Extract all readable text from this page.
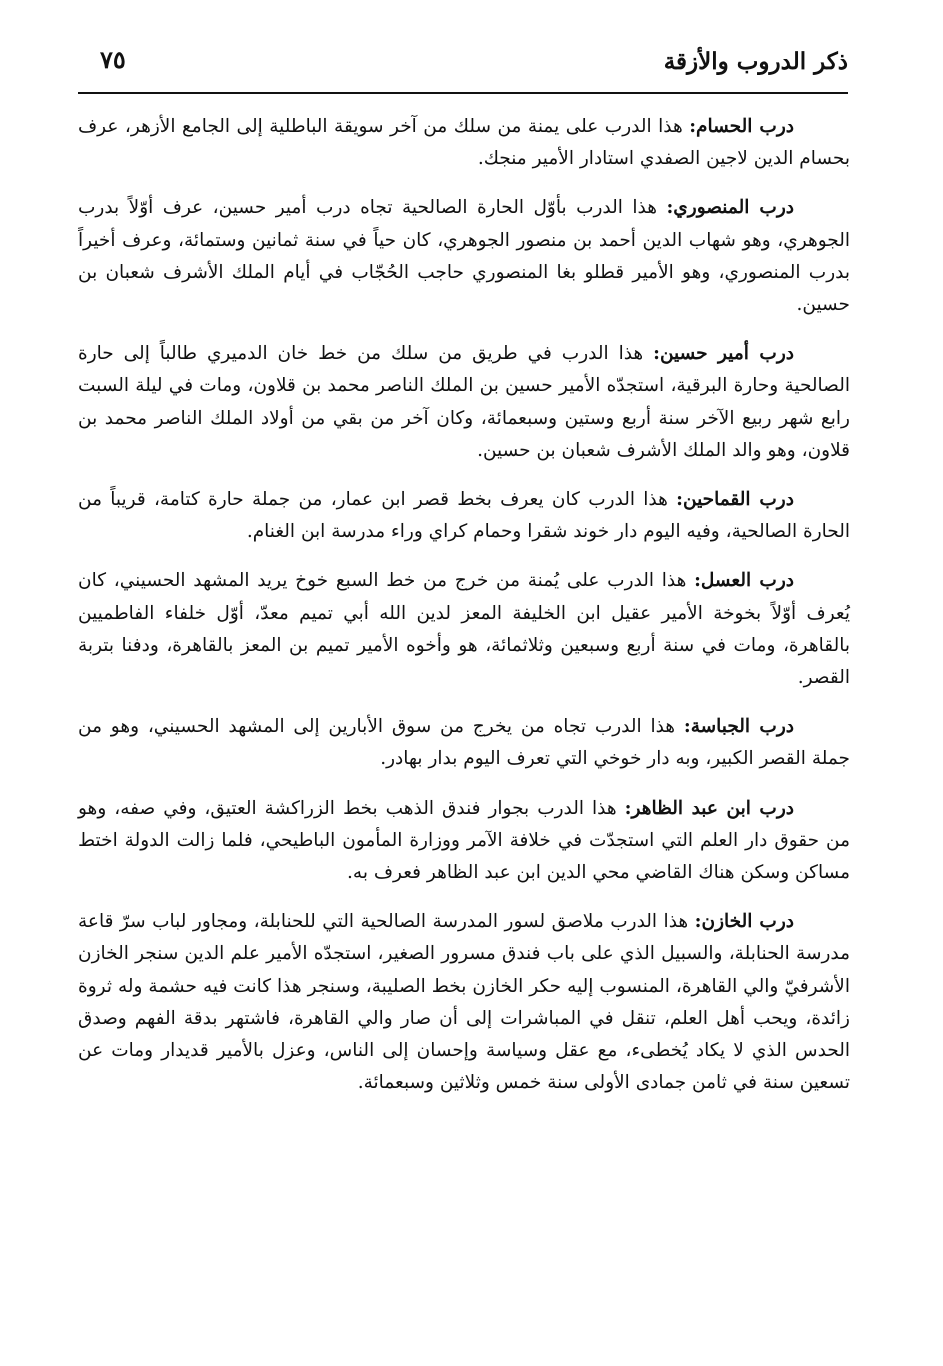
٧٥	ذكر الدروب والأزقة

درب الحسام: هذا الدرب على يمنة من سلك من آخر سويقة الباطلية إلى الجامع الأزهر، عرف بحسام الدين لاجين الصفدي استادار الأمير منجك.

درب المنصوري: هذا الدرب بأوّل الحارة الصالحية تجاه درب أمير حسين، عرف أوّلاً بدرب الجوهري، وهو شهاب الدين أحمد بن منصور الجوهري، كان حياً في سنة ثمانين وستمائة، وعرف أخيراً بدرب المنصوري، وهو الأمير قطلو بغا المنصوري حاجب الحُجّاب في أيام الملك الأشرف شعبان بن حسين.

درب أمير حسين: هذا الدرب في طريق من سلك من خط خان الدميري طالباً إلى حارة الصالحية وحارة البرقية، استجدّه الأمير حسين بن الملك الناصر محمد بن قلاون، ومات في ليلة السبت رابع شهر ربيع الآخر سنة أربع وستين وسبعمائة، وكان آخر من بقي من أولاد الملك الناصر محمد بن قلاون، وهو والد الملك الأشرف شعبان بن حسين.

درب القماحين: هذا الدرب كان يعرف بخط قصر ابن عمار، من جملة حارة كتامة، قريباً من الحارة الصالحية، وفيه اليوم دار خوند شقرا وحمام كراي وراء مدرسة ابن الغنام.

درب العسل: هذا الدرب على يُمنة من خرج من خط السبع خوخ يريد المشهد الحسيني، كان يُعرف أوّلاً بخوخة الأمير عقيل ابن الخليفة المعز لدين الله أبي تميم معدّ، أوّل خلفاء الفاطميين بالقاهرة، ومات في سنة أربع وسبعين وثلاثمائة، هو وأخوه الأمير تميم بن المعز بالقاهرة، ودفنا بتربة القصر.

درب الجباسة: هذا الدرب تجاه من يخرج من سوق الأبارين إلى المشهد الحسيني، وهو من جملة القصر الكبير، وبه دار خوخي التي تعرف اليوم بدار بهادر.

درب ابن عبد الظاهر: هذا الدرب بجوار فندق الذهب بخط الزراكشة العتيق، وفي صفه، وهو من حقوق دار العلم التي استجدّت في خلافة الآمر ووزارة المأمون الباطيحي، فلما زالت الدولة اختط مساكن وسكن هناك القاضي محي الدين ابن عبد الظاهر فعرف به.

درب الخازن: هذا الدرب ملاصق لسور المدرسة الصالحية التي للحنابلة، ومجاور لباب سرّ قاعة مدرسة الحنابلة، والسبيل الذي على باب فندق مسرور الصغير، استجدّه الأمير علم الدين سنجر الخازن الأشرفيّ والي القاهرة، المنسوب إليه حكر الخازن بخط الصليبة، وسنجر هذا كانت فيه حشمة وله ثروة زائدة، ويحب أهل العلم، تنقل في المباشرات إلى أن صار والي القاهرة، فاشتهر بدقة الفهم وصدق الحدس الذي لا يكاد يُخطىء، مع عقل وسياسة وإحسان إلى الناس، وعزل بالأمير قديدار ومات عن تسعين سنة في ثامن جمادى الأولى سنة خمس وثلاثين وسبعمائة.
